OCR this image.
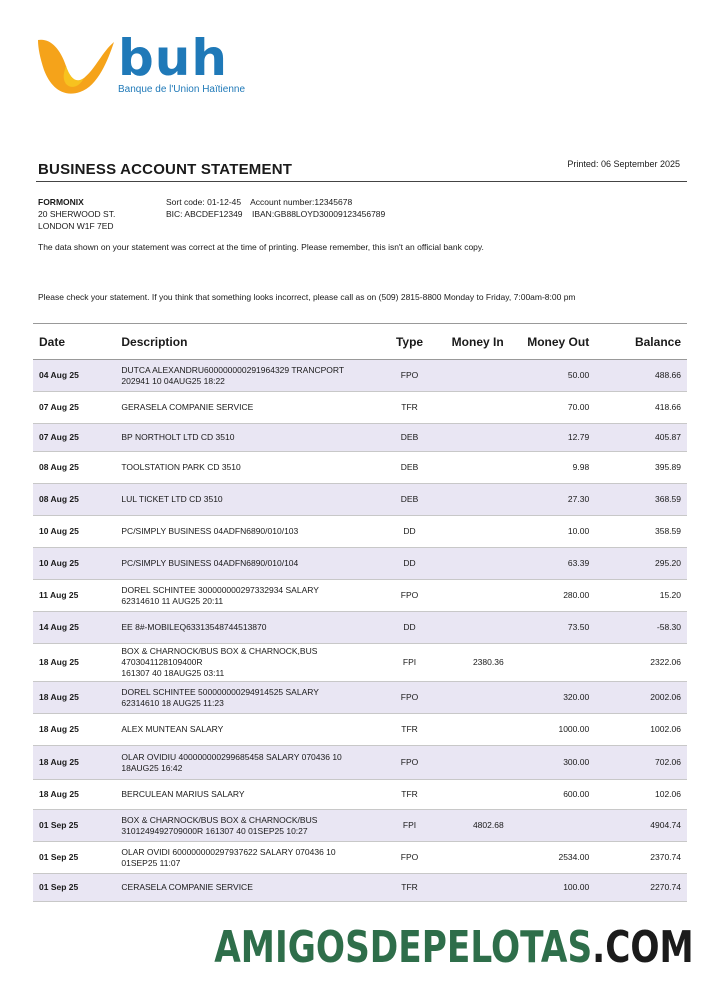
buh
Banque de l'Union Haïtienne
BUSINESS ACCOUNT STATEMENT	Printed: 06 September 2025
FORMONIX
20 SHERWOOD ST.
LONDON W1F 7ED
Sort code: 01-12-45    Account number:12345678
BIC: ABCDEF12349    IBAN:GB88LOYD30009123456789
The data shown on your statement was correct at the time of printing. Please remember, this isn't an official bank copy.
Please check your statement. If you think that something looks incorrect, please call as on (509) 2815-8800 Monday to Friday, 7:00am-8:00 pm
Date	Description	Type	Money In	Money Out	Balance
04 Aug 25	DUTCA ALEXANDRU600000000291964329 TRANCPORT
202941 10 04AUG25 18:22	FPO		50.00	488.66
07 Aug 25	GERASELA COMPANIE SERVICE	TFR		70.00	418.66
07 Aug 25	BP NORTHOLT LTD CD 3510	DEB		12.79	405.87
08 Aug 25	TOOLSTATION PARK CD 3510	DEB		9.98	395.89
08 Aug 25	LUL TICKET LTD CD 3510	DEB		27.30	368.59
10 Aug 25	PC/SIMPLY BUSINESS 04ADFN6890/010/103	DD		10.00	358.59
10 Aug 25	PC/SIMPLY BUSINESS 04ADFN6890/010/104	DD		63.39	295.20
11 Aug 25	DOREL SCHINTEE 300000000297332934 SALARY
62314610 11 AUG25 20:11	FPO		280.00	15.20
14 Aug 25	EE 8#-MOBILEQ63313548744513870	DD		73.50	-58.30
18 Aug 25	BOX & CHARNOCK/BUS BOX & CHARNOCK,BUS 4703041128109400R
161307 40 18AUG25 03:11	FPI	2380.36		2322.06
18 Aug 25	DOREL SCHINTEE 500000000294914525 SALARY
62314610 18 AUG25 11:23	FPO		320.00	2002.06
18 Aug 25	ALEX MUNTEAN SALARY	TFR		1000.00	1002.06
18 Aug 25	OLAR OVIDIU 400000000299685458 SALARY 070436 10
18AUG25 16:42	FPO		300.00	702.06
18 Aug 25	BERCULEAN MARIUS SALARY	TFR		600.00	102.06
01 Sep 25	BOX & CHARNOCK/BUS BOX & CHARNOCK/BUS
3101249492709000R 161307 40 01SEP25 10:27	FPI	4802.68		4904.74
01 Sep 25	OLAR OVIDI 600000000297937622 SALARY 070436 10
01SEP25 11:07	FPO		2534.00	2370.74
01 Sep 25	CERASELA COMPANIE SERVICE	TFR		100.00	2270.74
AMIGOSDEPELOTAS.COM
